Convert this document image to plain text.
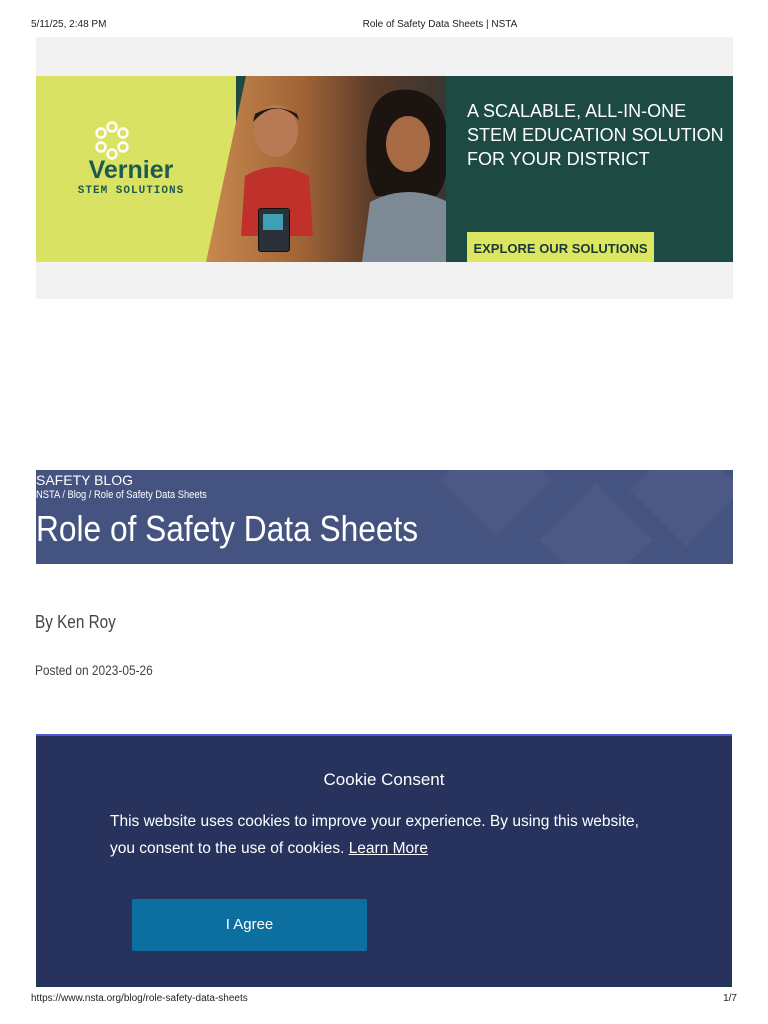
5/11/25, 2:48 PM	Role of Safety Data Sheets | NSTA
Vernier
STEM SOLUTIONS
A SCALABLE, ALL-IN-ONE
STEM EDUCATION SOLUTION
FOR YOUR DISTRICT
EXPLORE OUR SOLUTIONS
SAFETY BLOG
NSTA / Blog / Role of Safety Data Sheets
Role of Safety Data Sheets
By Ken Roy
Posted on 2023-05-26
Cookie Consent
This website uses cookies to improve your experience. By using this website,
you consent to the use of cookies. Learn More
I Agree
https://www.nsta.org/blog/role-safety-data-sheets	1/7
